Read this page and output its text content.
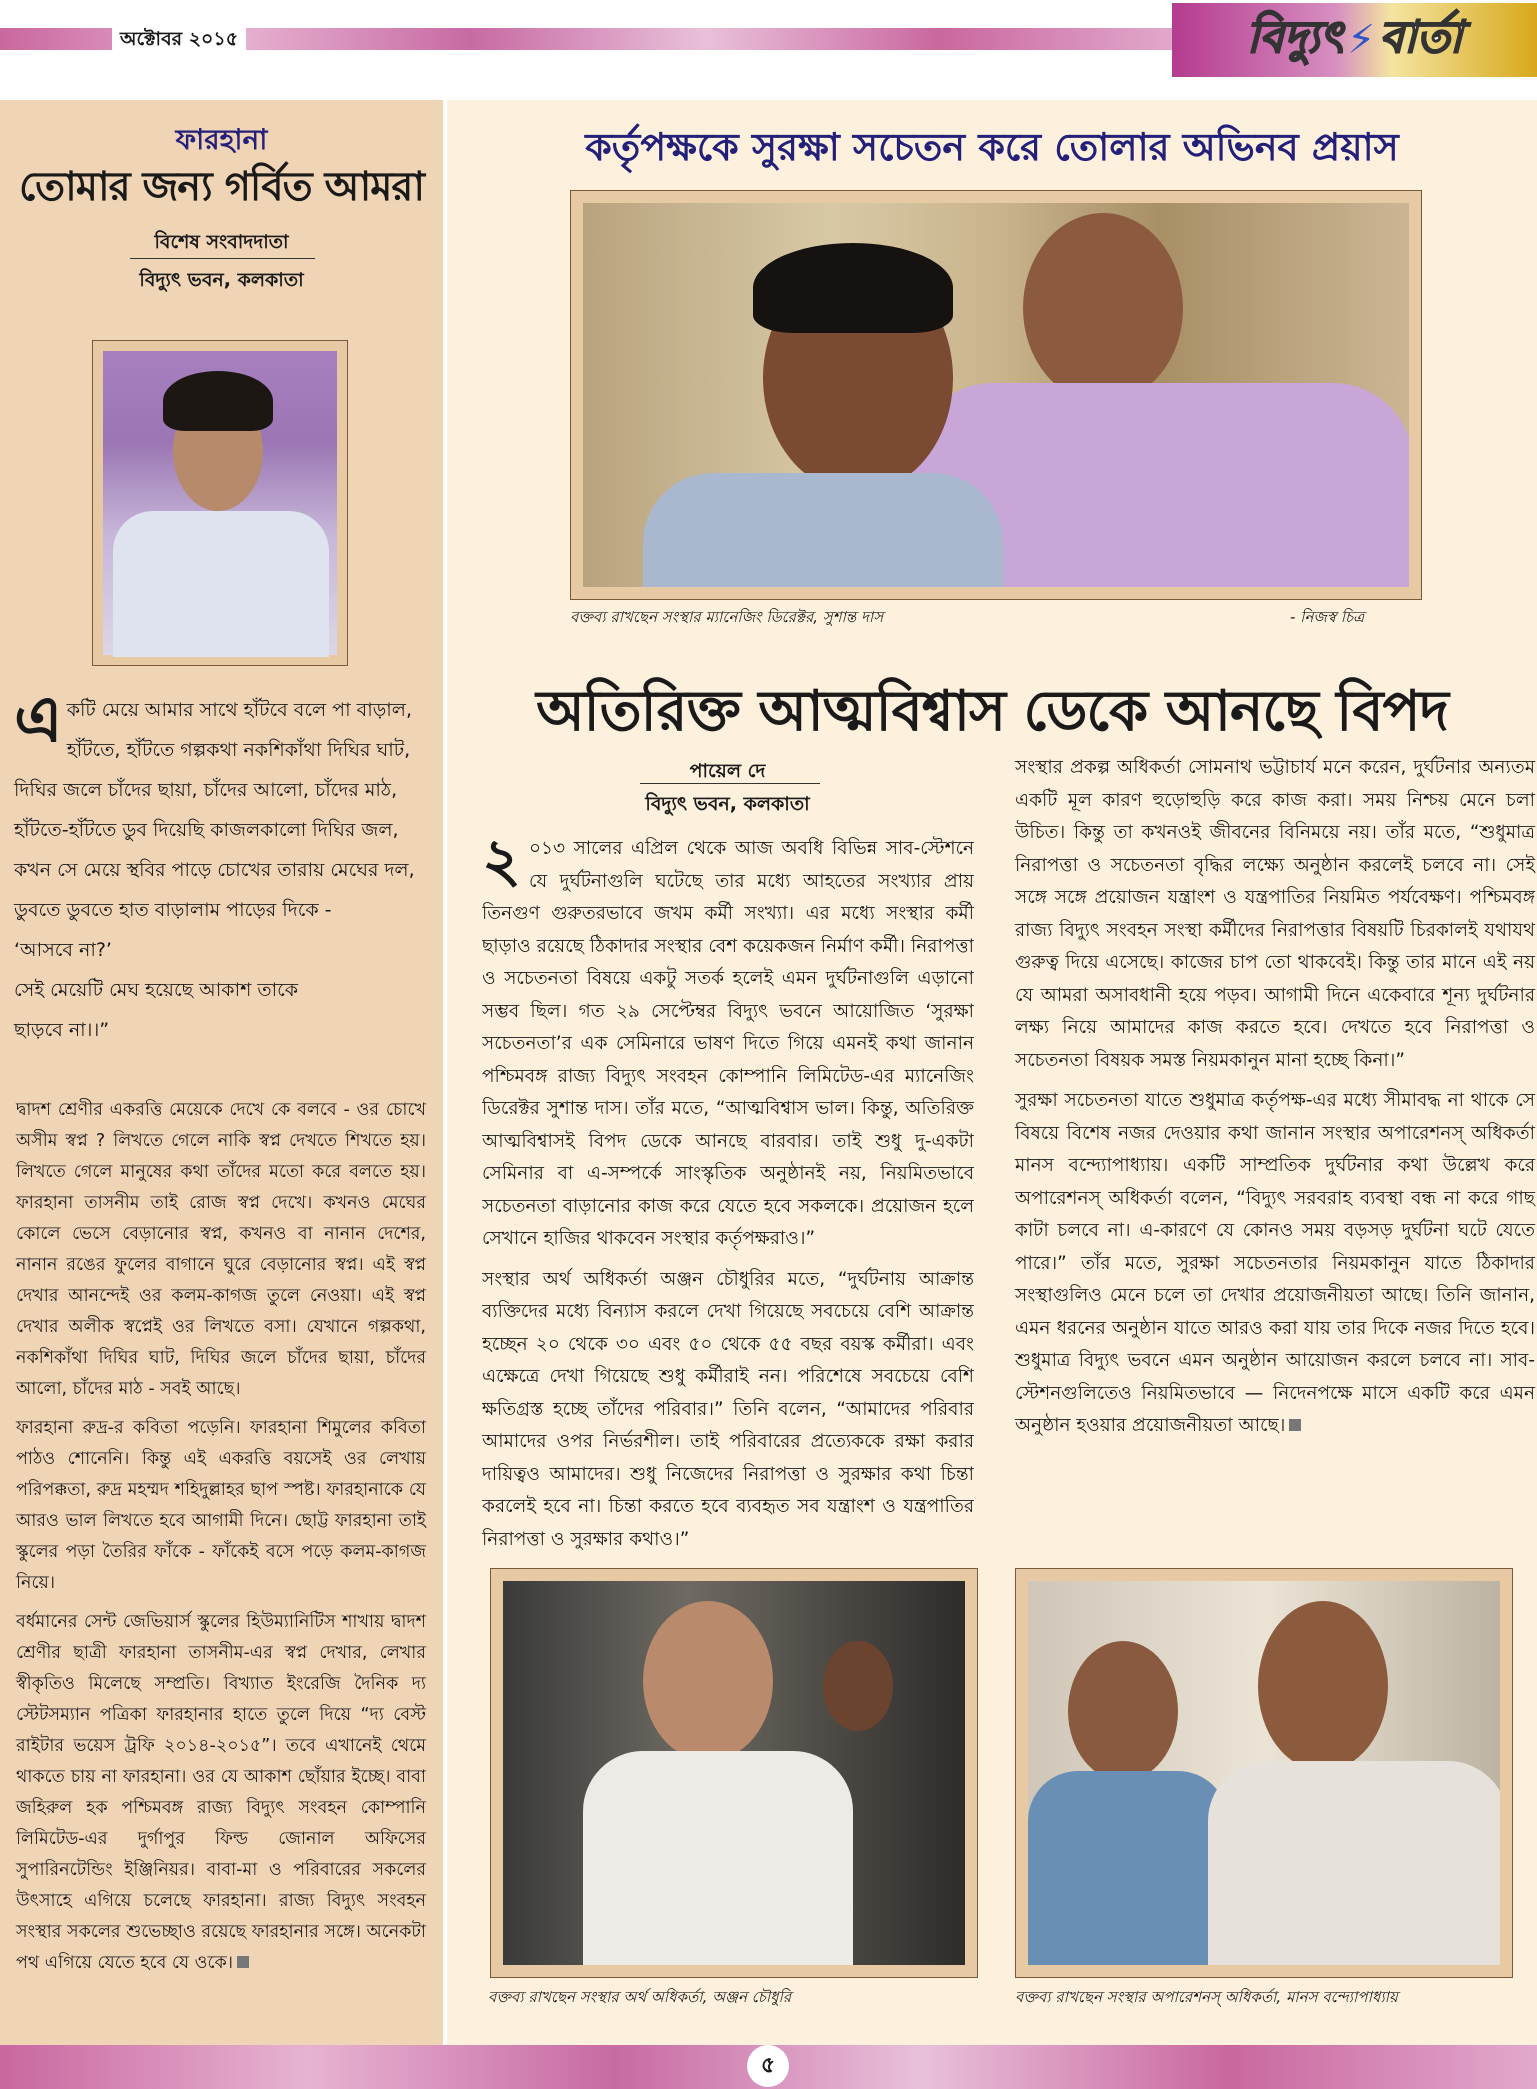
অক্টোবর ২০১৫	বিদ্যুৎ ⚡ বার্তা
ফারহানা
তোমার জন্য গর্বিত আমরা
বিশেষ সংবাদদাতা
বিদ্যুৎ ভবন, কলকাতা
এ কটি মেয়ে আমার সাথে হাঁটবে বলে পা বাড়াল,
হাঁটতে, হাঁটতে গল্পকথা নকশিকাঁথা দিঘির ঘাট,
দিঘির জলে চাঁদের ছায়া, চাঁদের আলো, চাঁদের মাঠ,
হাঁটতে-হাঁটতে ডুব দিয়েছি কাজলকালো দিঘির জল,
কখন সে মেয়ে স্থবির পাড়ে চোখের তারায় মেঘের দল,
ডুবতে ডুবতে হাত বাড়ালাম পাড়ের দিকে -
‘আসবে না?’
সেই মেয়েটি মেঘ হয়েছে আকাশ তাকে
ছাড়বে না।।”

দ্বাদশ শ্রেণীর একরত্তি মেয়েকে দেখে কে বলবে - ওর চোখে অসীম স্বপ্ন ? লিখতে গেলে নাকি স্বপ্ন দেখতে শিখতে হয়। লিখতে গেলে মানুষের কথা তাঁদের মতো করে বলতে হয়। ফারহানা তাসনীম তাই রোজ স্বপ্ন দেখে। কখনও মেঘের কোলে ভেসে বেড়ানোর স্বপ্ন, কখনও বা নানান দেশের, নানান রঙের ফুলের বাগানে ঘুরে বেড়ানোর স্বপ্ন। এই স্বপ্ন দেখার আনন্দেই ওর কলম-কাগজ তুলে নেওয়া। এই স্বপ্ন দেখার অলীক স্বপ্নেই ওর লিখতে বসা। যেখানে গল্পকথা, নকশিকাঁথা দিঘির ঘাট, দিঘির জলে চাঁদের ছায়া, চাঁদের আলো, চাঁদের মাঠ - সবই আছে।

ফারহানা রুদ্র-র কবিতা পড়েনি। ফারহানা শিমুলের কবিতা পাঠও শোনেনি। কিন্তু এই একরত্তি বয়সেই ওর লেখায় পরিপক্কতা, রুদ্র মহম্মদ শহিদুল্লাহর ছাপ স্পষ্ট। ফারহানাকে যে আরও ভাল লিখতে হবে আগামী দিনে। ছোট্ট ফারহানা তাই স্কুলের পড়া তৈরির ফাঁকে - ফাঁকেই বসে পড়ে কলম-কাগজ নিয়ে।

বর্ধমানের সেন্ট জেভিয়ার্স স্কুলের হিউম্যানিটিস শাখায় দ্বাদশ শ্রেণীর ছাত্রী ফারহানা তাসনীম-এর স্বপ্ন দেখার, লেখার স্বীকৃতিও মিলেছে সম্প্রতি। বিখ্যাত ইংরেজি দৈনিক দ্য স্টেটসম্যান পত্রিকা ফারহানার হাতে তুলে দিয়ে “দ্য বেস্ট রাইটার ভয়েস ট্রফি ২০১৪-২০১৫”। তবে এখানেই থেমে থাকতে চায় না ফারহানা। ওর যে আকাশ ছোঁয়ার ইচ্ছে। বাবা জহিরুল হক পশ্চিমবঙ্গ রাজ্য বিদ্যুৎ সংবহন কোম্পানি লিমিটেড-এর দুর্গাপুর ফিল্ড জোনাল অফিসের সুপারিনটেন্ডিং ইঞ্জিনিয়র। বাবা-মা ও পরিবারের সকলের উৎসাহে এগিয়ে চলেছে ফারহানা। রাজ্য বিদ্যুৎ সংবহন সংস্থার সকলের শুভেচ্ছাও রয়েছে ফারহানার সঙ্গে। অনেকটা পথ এগিয়ে যেতে হবে যে ওকে।

কর্তৃপক্ষকে সুরক্ষা সচেতন করে তোলার অভিনব প্রয়াস
বক্তব্য রাখছেন সংস্থার ম্যানেজিং ডিরেক্টর, সুশান্ত দাস	- নিজস্ব চিত্র
অতিরিক্ত আত্মবিশ্বাস ডেকে আনছে বিপদ
পায়েল দে
বিদ্যুৎ ভবন, কলকাতা

২ ০১৩ সালের এপ্রিল থেকে আজ অবধি বিভিন্ন সাব-স্টেশনে যে দুর্ঘটনাগুলি ঘটেছে তার মধ্যে আহতের সংখ্যার প্রায় তিনগুণ গুরুতরভাবে জখম কর্মী সংখ্যা। এর মধ্যে সংস্থার কর্মী ছাড়াও রয়েছে ঠিকাদার সংস্থার বেশ কয়েকজন নির্মাণ কর্মী। নিরাপত্তা ও সচেতনতা বিষয়ে একটু সতর্ক হলেই এমন দুর্ঘটনাগুলি এড়ানো সম্ভব ছিল। গত ২৯ সেপ্টেম্বর বিদ্যুৎ ভবনে আয়োজিত ‘সুরক্ষা সচেতনতা’র এক সেমিনারে ভাষণ দিতে গিয়ে এমনই কথা জানান পশ্চিমবঙ্গ রাজ্য বিদ্যুৎ সংবহন কোম্পানি লিমিটেড-এর ম্যানেজিং ডিরেক্টর সুশান্ত দাস। তাঁর মতে, “আত্মবিশ্বাস ভাল। কিন্তু, অতিরিক্ত আত্মবিশ্বাসই বিপদ ডেকে আনছে বারবার। তাই শুধু দু-একটা সেমিনার বা এ-সম্পর্কে সাংস্কৃতিক অনুষ্ঠানই নয়, নিয়মিতভাবে সচেতনতা বাড়ানোর কাজ করে যেতে হবে সকলকে। প্রয়োজন হলে সেখানে হাজির থাকবেন সংস্থার কর্তৃপক্ষরাও।”

সংস্থার অর্থ অধিকর্তা অঞ্জন চৌধুরির মতে, “দুর্ঘটনায় আক্রান্ত ব্যক্তিদের মধ্যে বিন্যাস করলে দেখা গিয়েছে সবচেয়ে বেশি আক্রান্ত হচ্ছেন ২০ থেকে ৩০ এবং ৫০ থেকে ৫৫ বছর বয়স্ক কর্মীরা। এবং এক্ষেত্রে দেখা গিয়েছে শুধু কর্মীরাই নন। পরিশেষে সবচেয়ে বেশি ক্ষতিগ্রস্ত হচ্ছে তাঁদের পরিবার।” তিনি বলেন, “আমাদের পরিবার আমাদের ওপর নির্ভরশীল। তাই পরিবারের প্রত্যেককে রক্ষা করার দায়িত্বও আমাদের। শুধু নিজেদের নিরাপত্তা ও সুরক্ষার কথা চিন্তা করলেই হবে না। চিন্তা করতে হবে ব্যবহৃত সব যন্ত্রাংশ ও যন্ত্রপাতির নিরাপত্তা ও সুরক্ষার কথাও।”

সংস্থার প্রকল্প অধিকর্তা সোমনাথ ভট্টাচার্য মনে করেন, দুর্ঘটনার অন্যতম একটি মূল কারণ হুড়োহুড়ি করে কাজ করা। সময় নিশ্চয় মেনে চলা উচিত। কিন্তু তা কখনওই জীবনের বিনিময়ে নয়। তাঁর মতে, “শুধুমাত্র নিরাপত্তা ও সচেতনতা বৃদ্ধির লক্ষ্যে অনুষ্ঠান করলেই চলবে না। সেই সঙ্গে সঙ্গে প্রয়োজন যন্ত্রাংশ ও যন্ত্রপাতির নিয়মিত পর্যবেক্ষণ। পশ্চিমবঙ্গ রাজ্য বিদ্যুৎ সংবহন সংস্থা কর্মীদের নিরাপত্তার বিষয়টি চিরকালই যথাযথ গুরুত্ব দিয়ে এসেছে। কাজের চাপ তো থাকবেই। কিন্তু তার মানে এই নয় যে আমরা অসাবধানী হয়ে পড়ব। আগামী দিনে একেবারে শূন্য দুর্ঘটনার লক্ষ্য নিয়ে আমাদের কাজ করতে হবে। দেখতে হবে নিরাপত্তা ও সচেতনতা বিষয়ক সমস্ত নিয়মকানুন মানা হচ্ছে কিনা।”

সুরক্ষা সচেতনতা যাতে শুধুমাত্র কর্তৃপক্ষ-এর মধ্যে সীমাবদ্ধ না থাকে সে বিষয়ে বিশেষ নজর দেওয়ার কথা জানান সংস্থার অপারেশনস্ অধিকর্তা মানস বন্দ্যোপাধ্যায়। একটি সাম্প্রতিক দুর্ঘটনার কথা উল্লেখ করে অপারেশনস্ অধিকর্তা বলেন, “বিদ্যুৎ সরবরাহ ব্যবস্থা বন্ধ না করে গাছ কাটা চলবে না। এ-কারণে যে কোনও সময় বড়সড় দুর্ঘটনা ঘটে যেতে পারে।” তাঁর মতে, সুরক্ষা সচেতনতার নিয়মকানুন যাতে ঠিকাদার সংস্থাগুলিও মেনে চলে তা দেখার প্রয়োজনীয়তা আছে। তিনি জানান, এমন ধরনের অনুষ্ঠান যাতে আরও করা যায় তার দিকে নজর দিতে হবে। শুধুমাত্র বিদ্যুৎ ভবনে এমন অনুষ্ঠান আয়োজন করলে চলবে না। সাব-স্টেশনগুলিতেও নিয়মিতভাবে — নিদেনপক্ষে মাসে একটি করে এমন অনুষ্ঠান হওয়ার প্রয়োজনীয়তা আছে।

বক্তব্য রাখছেন সংস্থার অর্থ অধিকর্তা, অঞ্জন চৌধুরি	বক্তব্য রাখছেন সংস্থার অপারেশনস্ অধিকর্তা, মানস বন্দ্যোপাধ্যায়
৫
